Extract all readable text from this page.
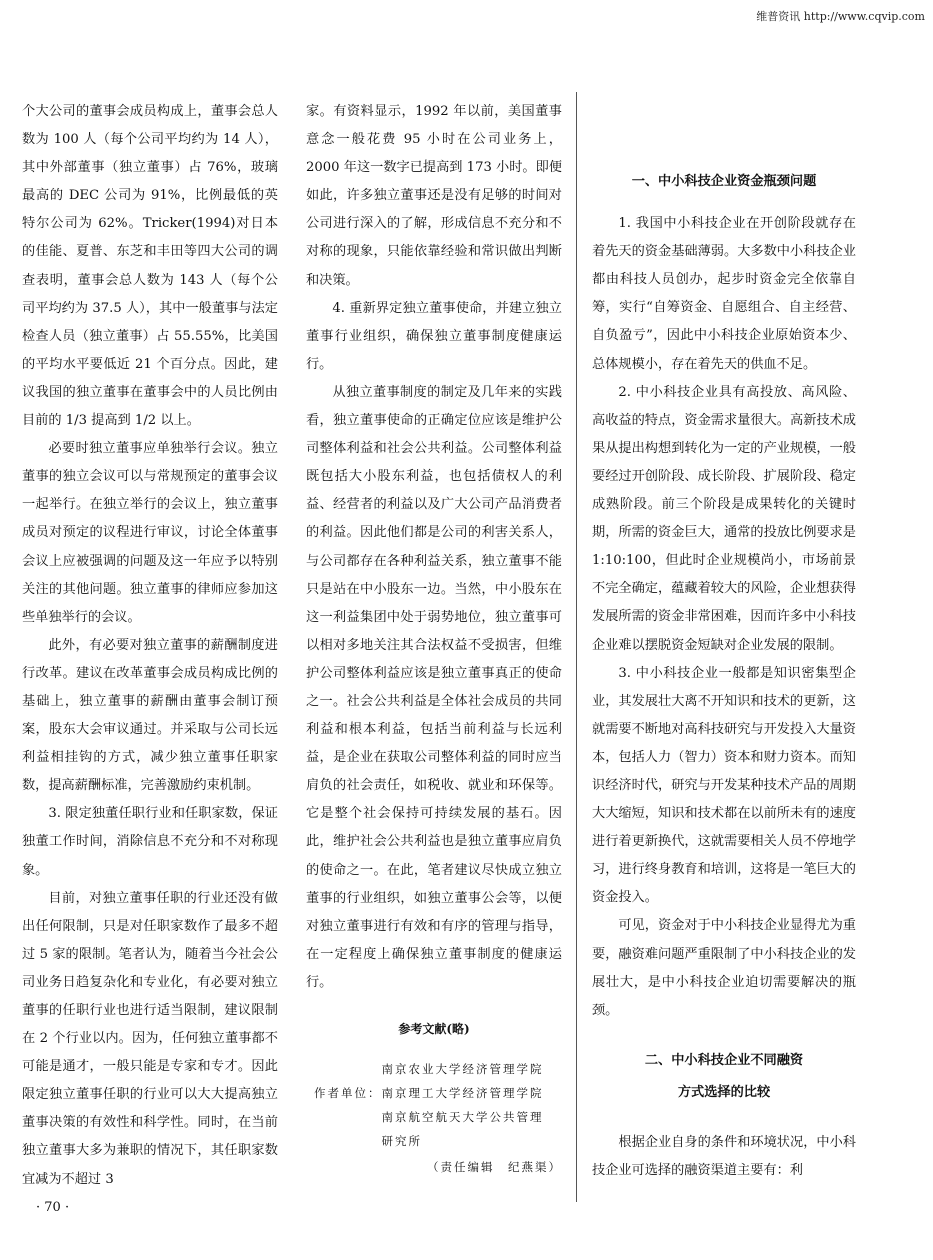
维普资讯 http://www.cqvip.com

个大公司的董事会成员构成上，董事会总人数为 100 人（每个公司平均约为 14 人），其中外部董事（独立董事）占 76%，玻璃最高的 DEC 公司为 91%，比例最低的英特尔公司为 62%。Tricker(1994)对日本的佳能、夏普、东芝和丰田等四大公司的调查表明，董事会总人数为 143 人（每个公司平均约为 37.5 人），其中一般董事与法定检查人员（独立董事）占 55.55%，比美国的平均水平要低近 21 个百分点。因此，建议我国的独立董事在董事会中的人员比例由目前的 1/3 提高到 1/2 以上。

必要时独立董事应单独举行会议。独立董事的独立会议可以与常规预定的董事会议一起举行。在独立举行的会议上，独立董事成员对预定的议程进行审议，讨论全体董事会议上应被强调的问题及这一年应予以特别关注的其他问题。独立董事的律师应参加这些单独举行的会议。

此外，有必要对独立董事的薪酬制度进行改革。建议在改革董事会成员构成比例的基础上，独立董事的薪酬由董事会制订预案，股东大会审议通过。并采取与公司长远利益相挂钩的方式，减少独立董事任职家数，提高薪酬标准，完善激励约束机制。

3. 限定独董任职行业和任职家数，保证独董工作时间，消除信息不充分和不对称现象。

目前，对独立董事任职的行业还没有做出任何限制，只是对任职家数作了最多不超过 5 家的限制。笔者认为，随着当今社会公司业务日趋复杂化和专业化，有必要对独立董事的任职行业也进行适当限制，建议限制在 2 个行业以内。因为，任何独立董事都不可能是通才，一般只能是专家和专才。因此限定独立董事任职的行业可以大大提高独立董事决策的有效性和科学性。同时，在当前独立董事大多为兼职的情况下，其任职家数宜减为不超过 3

家。有资料显示，1992 年以前，美国董事意念一般花费 95 小时在公司业务上，2000 年这一数字已提高到 173 小时。即便如此，许多独立董事还是没有足够的时间对公司进行深入的了解，形成信息不充分和不对称的现象，只能依靠经验和常识做出判断和决策。

4. 重新界定独立董事使命，并建立独立董事行业组织，确保独立董事制度健康运行。

从独立董事制度的制定及几年来的实践看，独立董事使命的正确定位应该是维护公司整体利益和社会公共利益。公司整体利益既包括大小股东利益，也包括债权人的利益、经营者的利益以及广大公司产品消费者的利益。因此他们都是公司的利害关系人，与公司都存在各种利益关系，独立董事不能只是站在中小股东一边。当然，中小股东在这一利益集团中处于弱势地位，独立董事可以相对多地关注其合法权益不受损害，但维护公司整体利益应该是独立董事真正的使命之一。社会公共利益是全体社会成员的共同利益和根本利益，包括当前利益与长远利益，是企业在获取公司整体利益的同时应当肩负的社会责任，如税收、就业和环保等。它是整个社会保持可持续发展的基石。因此，维护社会公共利益也是独立董事应肩负的使命之一。在此，笔者建议尽快成立独立董事的行业组织，如独立董事公会等，以便对独立董事进行有效和有序的管理与指导，在一定程度上确保独立董事制度的健康运行。

参考文献(略)

作者单位：
南京农业大学经济管理学院
南京理工大学经济管理学院
南京航空航天大学公共管理
研究所

（责任编辑　纪燕渠）

一、中小科技企业资金瓶颈问题

1. 我国中小科技企业在开创阶段就存在着先天的资金基础薄弱。大多数中小科技企业都由科技人员创办，起步时资金完全依靠自筹，实行“自筹资金、自愿组合、自主经营、自负盈亏”，因此中小科技企业原始资本少、总体规模小，存在着先天的供血不足。

2. 中小科技企业具有高投放、高风险、高收益的特点，资金需求量很大。高新技术成果从提出构想到转化为一定的产业规模，一般要经过开创阶段、成长阶段、扩展阶段、稳定成熟阶段。前三个阶段是成果转化的关键时期，所需的资金巨大，通常的投放比例要求是 1:10:100，但此时企业规模尚小，市场前景不完全确定，蕴藏着较大的风险，企业想获得发展所需的资金非常困难，因而许多中小科技企业难以摆脱资金短缺对企业发展的限制。

3. 中小科技企业一般都是知识密集型企业，其发展壮大离不开知识和技术的更新，这就需要不断地对高科技研究与开发投入大量资本，包括人力（智力）资本和财力资本。而知识经济时代，研究与开发某种技术产品的周期大大缩短，知识和技术都在以前所未有的速度进行着更新换代，这就需要相关人员不停地学习，进行终身教育和培训，这将是一笔巨大的资金投入。

可见，资金对于中小科技企业显得尤为重要，融资难问题严重限制了中小科技企业的发展壮大，是中小科技企业迫切需要解决的瓶颈。

二、中小科技企业不同融资

方式选择的比较

根据企业自身的条件和环境状况，中小科技企业可选择的融资渠道主要有：利

· 70 ·
